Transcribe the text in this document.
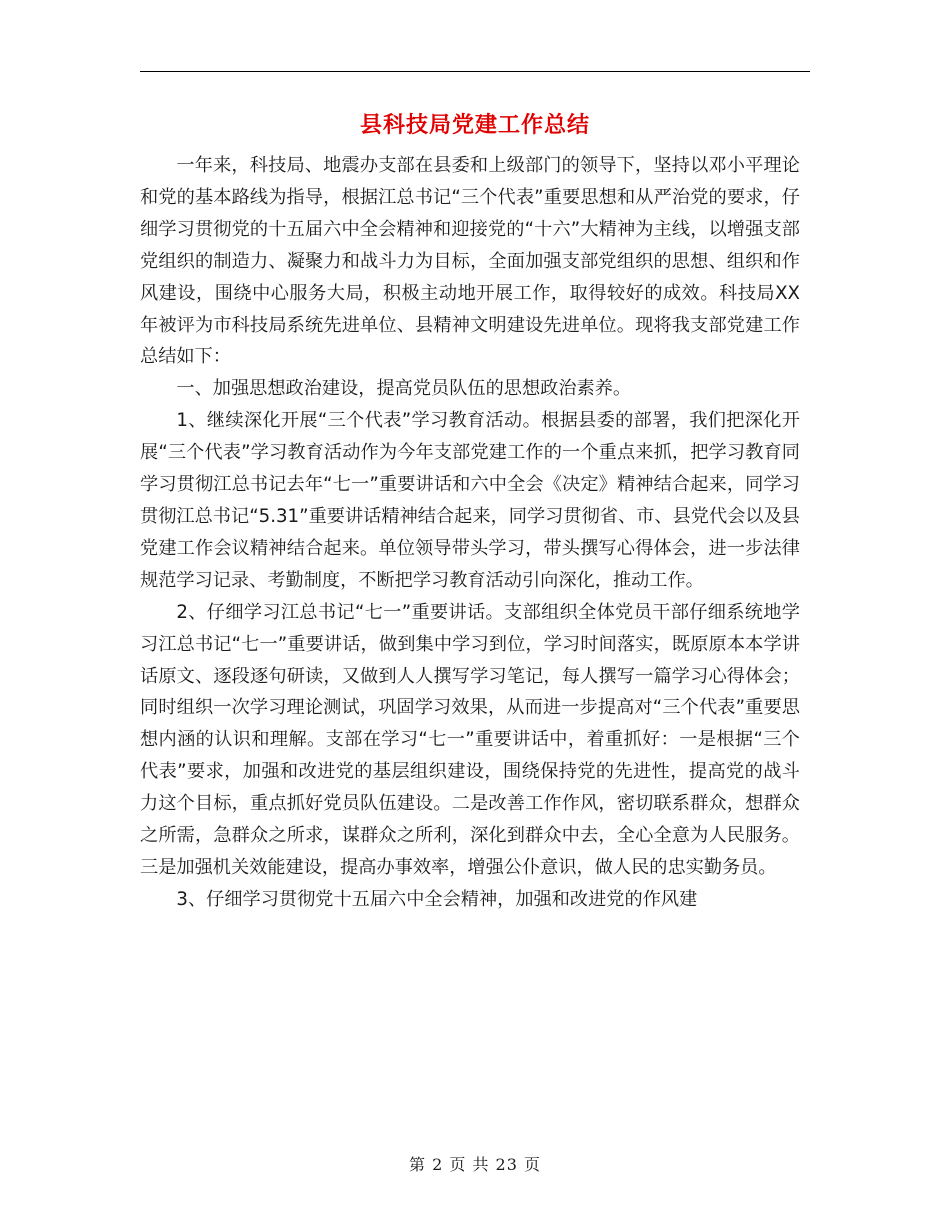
县科技局党建工作总结

一年来，科技局、地震办支部在县委和上级部门的领导下，坚持以邓小平理论和党的基本路线为指导，根据江总书记“三个代表”重要思想和从严治党的要求，仔细学习贯彻党的十五届六中全会精神和迎接党的“十六”大精神为主线，以增强支部党组织的制造力、凝聚力和战斗力为目标，全面加强支部党组织的思想、组织和作风建设，围绕中心服务大局，积极主动地开展工作，取得较好的成效。科技局XX年被评为市科技局系统先进单位、县精神文明建设先进单位。现将我支部党建工作总结如下：

一、加强思想政治建设，提高党员队伍的思想政治素养。

1、继续深化开展“三个代表”学习教育活动。根据县委的部署，我们把深化开展“三个代表”学习教育活动作为今年支部党建工作的一个重点来抓，把学习教育同学习贯彻江总书记去年“七一”重要讲话和六中全会《决定》精神结合起来，同学习贯彻江总书记“5.31”重要讲话精神结合起来，同学习贯彻省、市、县党代会以及县党建工作会议精神结合起来。单位领导带头学习，带头撰写心得体会，进一步法律规范学习记录、考勤制度，不断把学习教育活动引向深化，推动工作。

2、仔细学习江总书记“七一”重要讲话。支部组织全体党员干部仔细系统地学习江总书记“七一”重要讲话，做到集中学习到位，学习时间落实，既原原本本学讲话原文、逐段逐句研读，又做到人人撰写学习笔记，每人撰写一篇学习心得体会；同时组织一次学习理论测试，巩固学习效果，从而进一步提高对“三个代表”重要思想内涵的认识和理解。支部在学习“七一”重要讲话中，着重抓好：一是根据“三个代表”要求，加强和改进党的基层组织建设，围绕保持党的先进性，提高党的战斗力这个目标，重点抓好党员队伍建设。二是改善工作作风，密切联系群众，想群众之所需，急群众之所求，谋群众之所利，深化到群众中去，全心全意为人民服务。三是加强机关效能建设，提高办事效率，增强公仆意识，做人民的忠实勤务员。

3、仔细学习贯彻党十五届六中全会精神，加强和改进党的作风建

第 2 页 共 23 页
